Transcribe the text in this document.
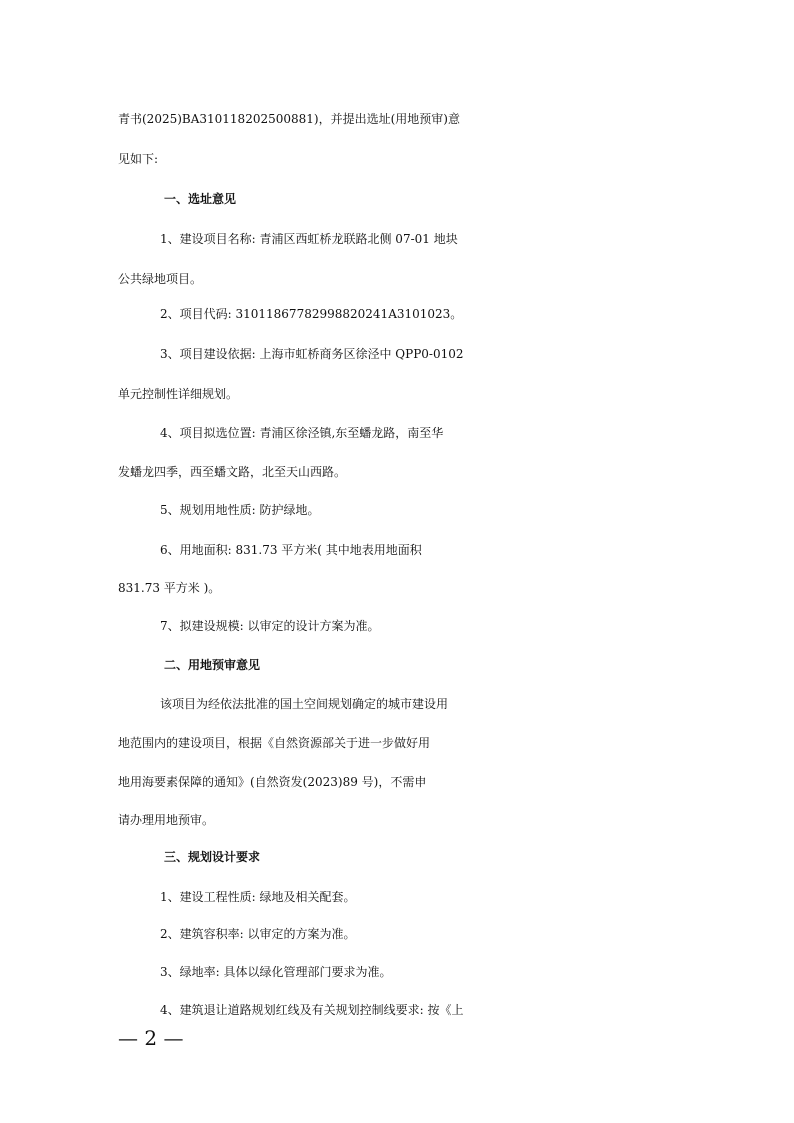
青书(2025)BA310118202500881)，并提出选址(用地预审)意
见如下:
一、选址意见
1、建设项目名称: 青浦区西虹桥龙联路北侧 07-01 地块
公共绿地项目。
2、项目代码: 31011867782998820241A3101023。
3、项目建设依据: 上海市虹桥商务区徐泾中 QPP0-0102
单元控制性详细规划。
4、项目拟选位置: 青浦区徐泾镇,东至蟠龙路，南至华
发蟠龙四季，西至蟠文路，北至天山西路。
5、规划用地性质: 防护绿地。
6、用地面积: 831.73 平方米( 其中地表用地面积
831.73 平方米 )。
7、拟建设规模: 以审定的设计方案为准。
二、用地预审意见
该项目为经依法批准的国土空间规划确定的城市建设用
地范围内的建设项目，根据《自然资源部关于进一步做好用
地用海要素保障的通知》(自然资发(2023)89 号)，不需申
请办理用地预审。
三、规划设计要求
1、建设工程性质: 绿地及相关配套。
2、建筑容积率: 以审定的方案为准。
3、绿地率: 具体以绿化管理部门要求为准。
4、建筑退让道路规划红线及有关规划控制线要求: 按《上
— 2 —
